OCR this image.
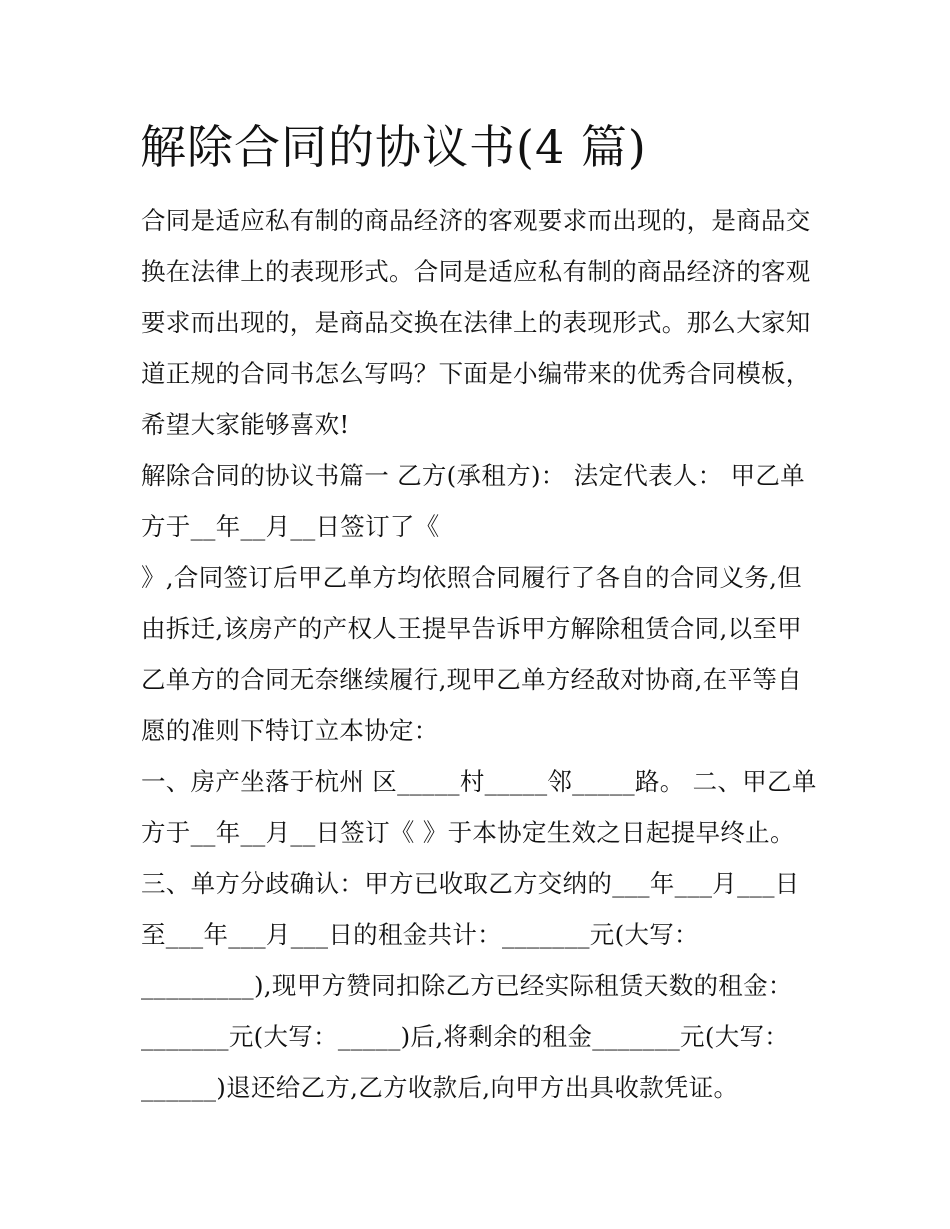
解除合同的协议书(4 篇)

合同是适应私有制的商品经济的客观要求而出现的，是商品交

换在法律上的表现形式。合同是适应私有制的商品经济的客观

要求而出现的，是商品交换在法律上的表现形式。那么大家知

道正规的合同书怎么写吗？下面是小编带来的优秀合同模板，

希望大家能够喜欢!

解除合同的协议书篇一 乙方(承租方)： 法定代表人： 甲乙单

方于__年__月__日签订了《

》,合同签订后甲乙单方均依照合同履行了各自的合同义务,但

由拆迁,该房产的产权人王提早告诉甲方解除租赁合同,以至甲

乙单方的合同无奈继续履行,现甲乙单方经敌对协商,在平等自

愿的准则下特订立本协定：

一、房产坐落于杭州 区_____村_____邻_____路。 二、甲乙单

方于__年__月__日签订《 》于本协定生效之日起提早终止。

三、单方分歧确认：甲方已收取乙方交纳的___年___月___日

至___年___月___日的租金共计：_______元(大写：

_________),现甲方赞同扣除乙方已经实际租赁天数的租金：

_______元(大写：_____)后,将剩余的租金_______元(大写：

______)退还给乙方,乙方收款后,向甲方出具收款凭证。
